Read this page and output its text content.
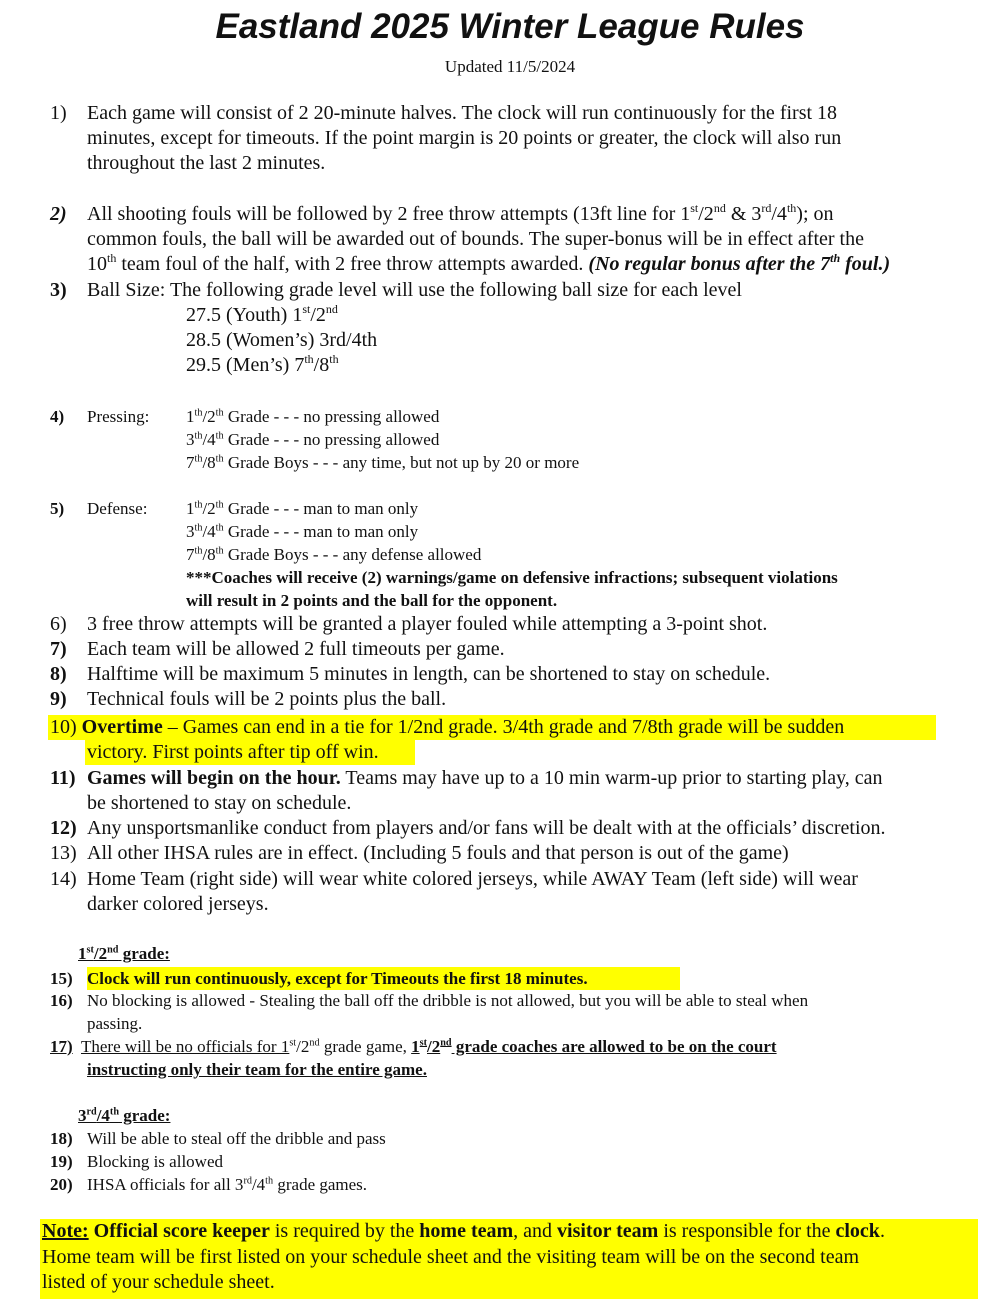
Eastland 2025 Winter League Rules
Updated 11/5/2024
1) Each game will consist of 2 20-minute halves. The clock will run continuously for the first 18
minutes, except for timeouts. If the point margin is 20 points or greater, the clock will also run
throughout the last 2 minutes.
2) All shooting fouls will be followed by 2 free throw attempts (13ft line for 1st/2nd & 3rd/4th); on
common fouls, the ball will be awarded out of bounds. The super-bonus will be in effect after the
10th team foul of the half, with 2 free throw attempts awarded. (No regular bonus after the 7th foul.)
3) Ball Size: The following grade level will use the following ball size for each level
27.5 (Youth) 1st/2nd
28.5 (Women’s) 3rd/4th
29.5 (Men’s) 7th/8th
4) Pressing: 1th/2th Grade - - - no pressing allowed
3th/4th Grade - - - no pressing allowed
7th/8th Grade Boys - - - any time, but not up by 20 or more
5) Defense: 1th/2th Grade - - - man to man only
3th/4th Grade - - - man to man only
7th/8th Grade Boys - - - any defense allowed
***Coaches will receive (2) warnings/game on defensive infractions; subsequent violations
will result in 2 points and the ball for the opponent.
6) 3 free throw attempts will be granted a player fouled while attempting a 3-point shot.
7) Each team will be allowed 2 full timeouts per game.
8) Halftime will be maximum 5 minutes in length, can be shortened to stay on schedule.
9) Technical fouls will be 2 points plus the ball.
10) Overtime – Games can end in a tie for 1/2nd grade. 3/4th grade and 7/8th grade will be sudden
victory. First points after tip off win.
11) Games will begin on the hour. Teams may have up to a 10 min warm-up prior to starting play, can
be shortened to stay on schedule.
12) Any unsportsmanlike conduct from players and/or fans will be dealt with at the officials’ discretion.
13) All other IHSA rules are in effect. (Including 5 fouls and that person is out of the game)
14) Home Team (right side) will wear white colored jerseys, while AWAY Team (left side) will wear
darker colored jerseys.
1st/2nd grade:
15) Clock will run continuously, except for Timeouts the first 18 minutes.
16) No blocking is allowed - Stealing the ball off the dribble is not allowed, but you will be able to steal when
passing.
17) There will be no officials for 1st/2nd grade game, 1st/2nd grade coaches are allowed to be on the court
instructing only their team for the entire game.
3rd/4th grade:
18) Will be able to steal off the dribble and pass
19) Blocking is allowed
20) IHSA officials for all 3rd/4th grade games.
Note: Official score keeper is required by the home team, and visitor team is responsible for the clock.
Home team will be first listed on your schedule sheet and the visiting team will be on the second team
listed of your schedule sheet.
